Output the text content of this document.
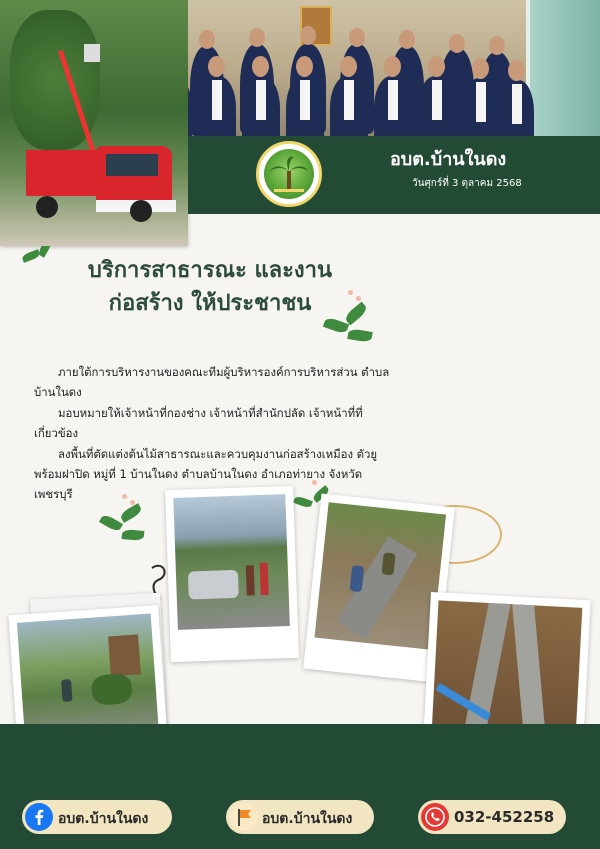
อบต.บ้านในดง
วันศุกร์ที่ 3 ตุลาคม 2568
บริการสาธารณะ และงาน
ก่อสร้าง ให้ประชาชน
ภายใต้การบริหารงานของคณะทีมผู้บริหารองค์การบริหารส่วน ตำบลบ้านในดง
มอบหมายให้เจ้าหน้าที่กองช่าง เจ้าหน้าที่สำนักปลัด เจ้าหน้าที่ที่ เกี่ยวข้อง
ลงพื้นที่ตัดแต่งต้นไม้สาธารณะและควบคุมงานก่อสร้างเหมือง ตัวยูพร้อมฝาปิด หมู่ที่ 1 บ้านในดง ตำบลบ้านในดง อำเภอท่ายาง จังหวัดเพชรบุรี
อบต.บ้านในดง	อบต.บ้านในดง	032-452258
